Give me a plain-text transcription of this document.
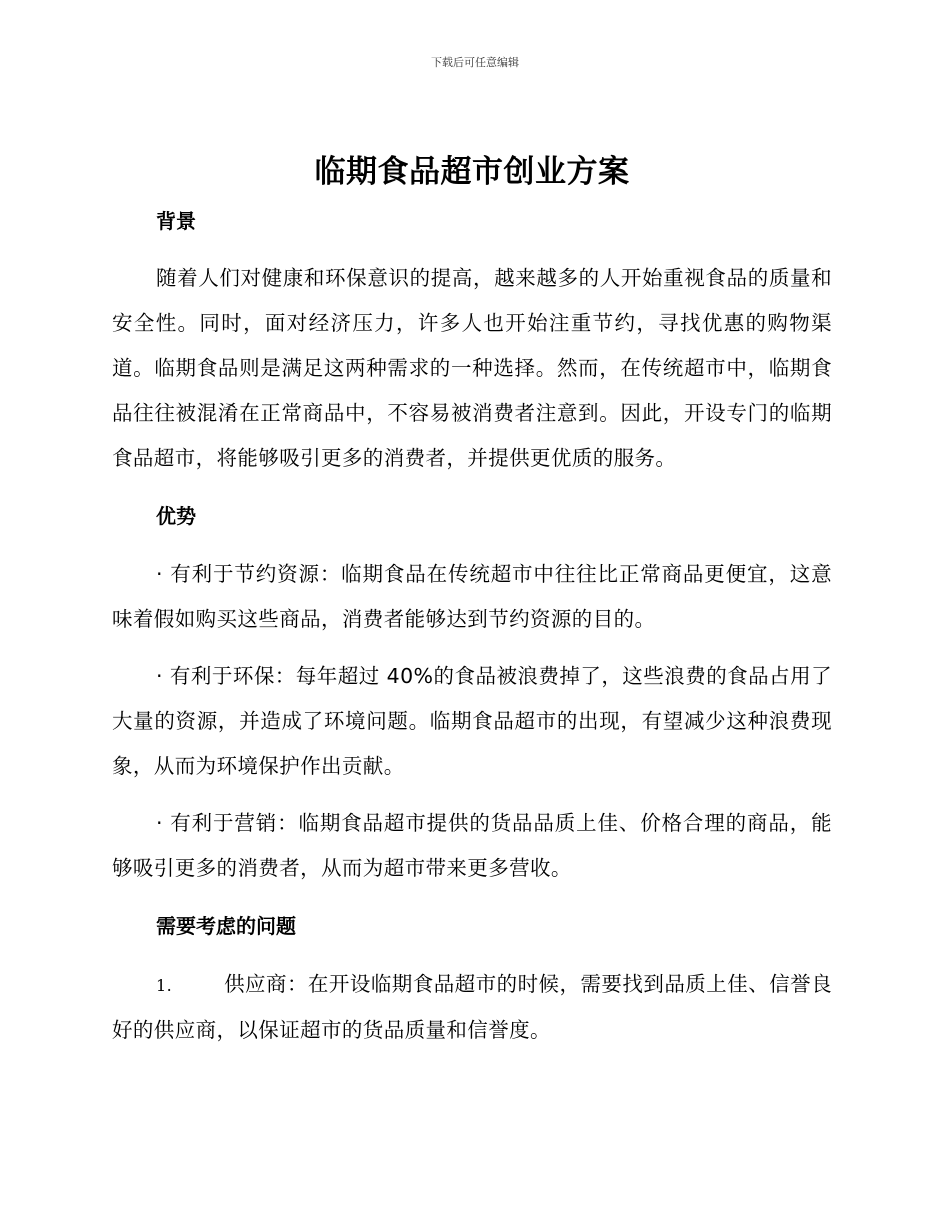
下载后可任意编辑
临期食品超市创业方案
背景

随着人们对健康和环保意识的提高，越来越多的人开始重视食品的质量和安全性。同时，面对经济压力，许多人也开始注重节约，寻找优惠的购物渠道。临期食品则是满足这两种需求的一种选择。然而，在传统超市中，临期食品往往被混淆在正常商品中，不容易被消费者注意到。因此，开设专门的临期食品超市，将能够吸引更多的消费者，并提供更优质的服务。

优势

· 有利于节约资源：临期食品在传统超市中往往比正常商品更便宜，这意味着假如购买这些商品，消费者能够达到节约资源的目的。

· 有利于环保：每年超过 40%的食品被浪费掉了，这些浪费的食品占用了大量的资源，并造成了环境问题。临期食品超市的出现，有望减少这种浪费现象，从而为环境保护作出贡献。

· 有利于营销：临期食品超市提供的货品品质上佳、价格合理的商品，能够吸引更多的消费者，从而为超市带来更多营收。

需要考虑的问题

1.	供应商：在开设临期食品超市的时候，需要找到品质上佳、信誉良好的供应商，以保证超市的货品质量和信誉度。
